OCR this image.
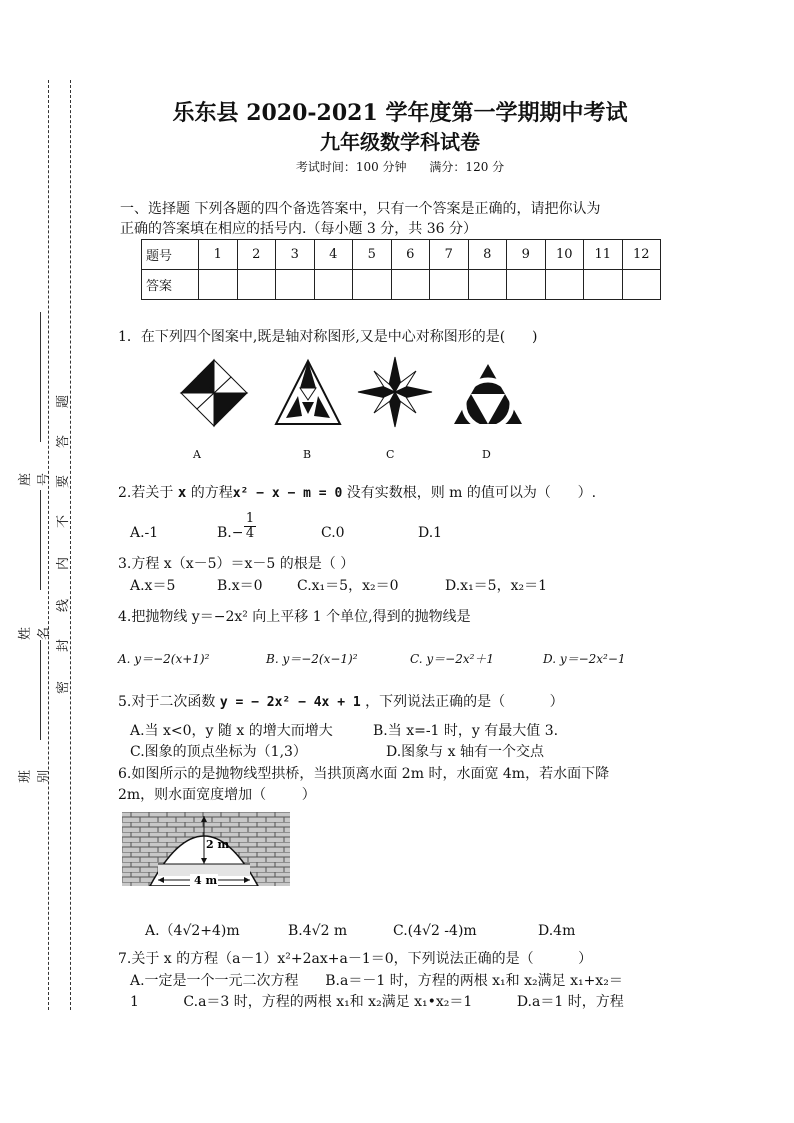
座号
姓名
班别
题
答
要
不
内
线
封
密
乐东县 2020-2021 学年度第一学期期中考试
九年级数学科试卷
考试时间：100 分钟      满分：120 分
一、选择题 下列各题的四个备选答案中，只有一个答案是正确的，请把你认为
正确的答案填在相应的括号内.（每小题 3 分，共 36 分）
题号	1	2	3	4	5	6	7	8	9	10	11	12
答案												
1．在下列四个图案中,既是轴对称图形,又是中心对称图形的是(      )
A	B	C	D
2.若关于 x 的方程x² − x − m = 0 没有实数根，则 m 的值可以为（      ）.
A.-1	$B.- \frac{1}{4}$	C.0	D.1
3.方程 x（x－5）＝x－5 的根是（ ）
A.x＝5	B.x＝0 C.x₁＝5，x₂＝0	D.x₁＝5，x₂＝1
4.把抛物线 y＝−2x² 向上平移 1 个单位,得到的抛物线是
A. y＝−2(x+1)²	B. y＝−2(x−1)²	C. y＝−2x²＋1	D. y＝−2x²−1
5.对于二次函数 y = − 2x² − 4x + 1 ，下列说法正确的是（          ）
A.当 x<0，y 随 x 的增大而增大	B.当 x=-1 时，y 有最大值 3.
C.图象的顶点坐标为（1,3）	D.图象与 x 轴有一个交点
6.如图所示的是抛物线型拱桥，当拱顶离水面 2m 时，水面宽 4m，若水面下降
2m，则水面宽度增加（        ）
2 m
4 m
A.（4√2+4)m	B.4√2 m	C.(4√2 -4)m	D.4m
7.关于 x 的方程（a－1）x²+2ax+a－1＝0，下列说法正确的是（          ）
A.一定是一个一元二次方程      B.a＝－1 时，方程的两根 x₁和 x₂满足 x₁+x₂＝
1          C.a＝3 时，方程的两根 x₁和 x₂满足 x₁•x₂＝1          D.a＝1 时，方程
